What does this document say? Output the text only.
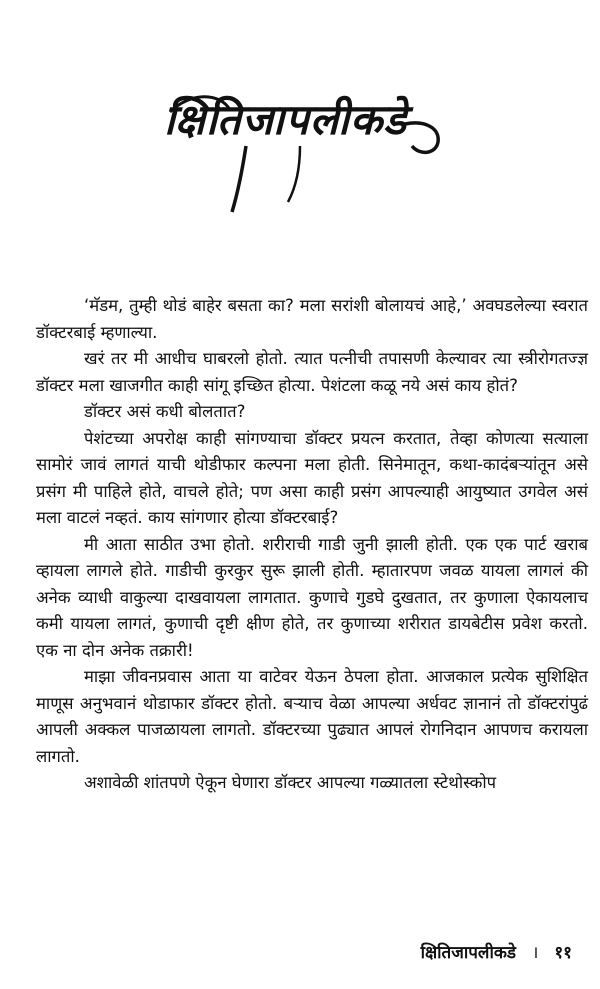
क्षितिजापलीकडे

‘मॅडम, तुम्ही थोडं बाहेर बसता का? मला सरांशी बोलायचं आहे,’ अवघडलेल्या स्वरात डॉक्टरबाई म्हणाल्या.

खरं तर मी आधीच घाबरलो होतो. त्यात पत्नीची तपासणी केल्यावर त्या स्त्रीरोगतज्ज्ञ डॉक्टर मला खाजगीत काही सांगू इच्छित होत्या. पेशंटला कळू नये असं काय होतं?

डॉक्टर असं कधी बोलतात?

पेशंटच्या अपरोक्ष काही सांगण्याचा डॉक्टर प्रयत्न करतात, तेव्हा कोणत्या सत्याला सामोरं जावं लागतं याची थोडीफार कल्पना मला होती. सिनेमातून, कथा-कादंबऱ्यांतून असे प्रसंग मी पाहिले होते, वाचले होते; पण असा काही प्रसंग आपल्याही आयुष्यात उगवेल असं मला वाटलं नव्हतं. काय सांगणार होत्या डॉक्टरबाई?

मी आता साठीत उभा होतो. शरीराची गाडी जुनी झाली होती. एक एक पार्ट खराब व्हायला लागले होते. गाडीची कुरकुर सुरू झाली होती. म्हातारपण जवळ यायला लागलं की अनेक व्याधी वाकुल्या दाखवायला लागतात. कुणाचे गुडघे दुखतात, तर कुणाला ऐकायलाच कमी यायला लागतं, कुणाची दृष्टी क्षीण होते, तर कुणाच्या शरीरात डायबेटीस प्रवेश करतो. एक ना दोन अनेक तक्रारी!

माझा जीवनप्रवास आता या वाटेवर येऊन ठेपला होता. आजकाल प्रत्येक सुशिक्षित माणूस अनुभवानं थोडाफार डॉक्टर होतो. बऱ्याच वेळा आपल्या अर्धवट ज्ञानानं तो डॉक्टरांपुढं आपली अक्कल पाजळायला लागतो. डॉक्टरच्या पुढ्यात आपलं रोगनिदान आपणच करायला लागतो.

अशावेळी शांतपणे ऐकून घेणारा डॉक्टर आपल्या गळ्यातला स्टेथोस्कोप

क्षितिजापलीकडे । ११
